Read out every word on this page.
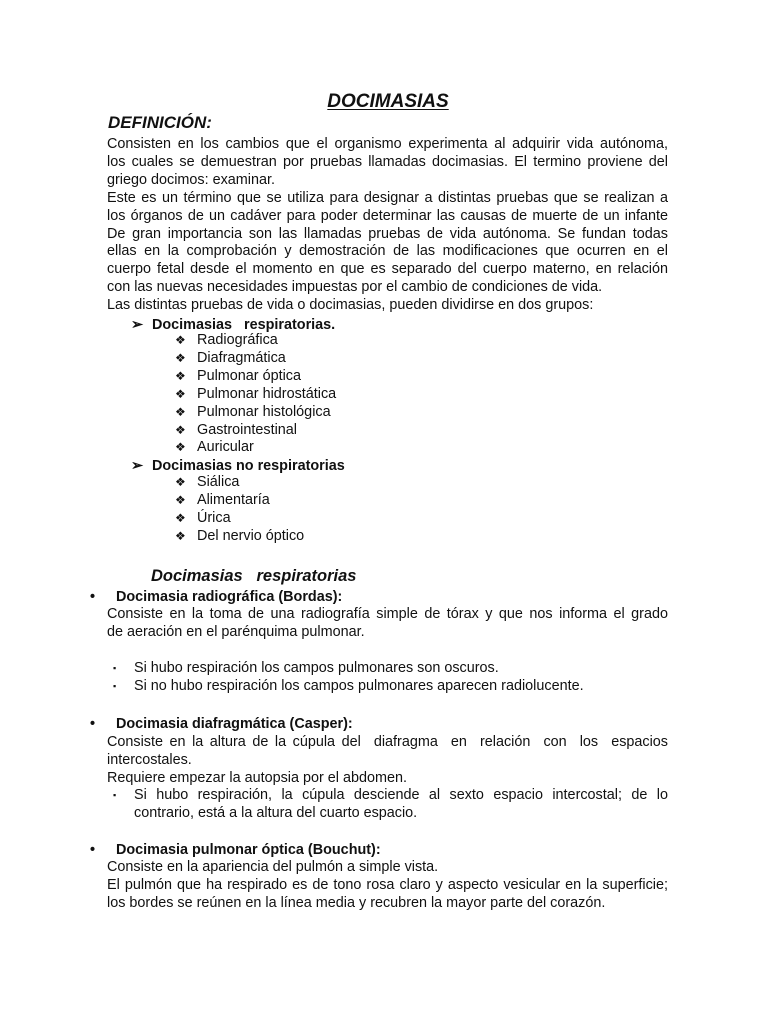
DOCIMASIAS
DEFINICIÓN:
Consisten en los cambios que el organismo experimenta al adquirir vida autónoma,
los cuales se demuestran por pruebas llamadas docimasias. El termino proviene del
griego docimos: examinar.
Este es un término que se utiliza para designar a distintas pruebas que se realizan a
los órganos de un cadáver para poder determinar las causas de muerte de un infante
De gran importancia son las llamadas pruebas de vida autónoma. Se fundan todas
ellas en la comprobación y demostración de las modificaciones que ocurren en el
cuerpo fetal desde el momento en que es separado del cuerpo materno, en relación
con las nuevas necesidades impuestas por el cambio de condiciones de vida.
Las distintas pruebas de vida o docimasias, pueden dividirse en dos grupos:
➢ Docimasias   respiratorias.
❖ Radiográfica
❖ Diafragmática
❖ Pulmonar óptica
❖ Pulmonar hidrostática
❖ Pulmonar histológica
❖ Gastrointestinal
❖ Auricular
➢ Docimasias no respiratorias
❖ Siálica
❖ Alimentaría
❖ Úrica
❖ Del nervio óptico
Docimasias   respiratorias
• Docimasia radiográfica (Bordas):
Consiste en la toma de una radiografía simple de tórax y que nos informa el grado
de aeración en el parénquima pulmonar.
▪ Si hubo respiración los campos pulmonares son oscuros.
▪ Si no hubo respiración los campos pulmonares aparecen radiolucente.
• Docimasia diafragmática (Casper):
Consiste en la altura de la cúpula del  diafragma  en  relación  con  los  espacios
intercostales.
Requiere empezar la autopsia por el abdomen.
▪ Si hubo respiración, la cúpula desciende al sexto espacio intercostal; de lo
contrario, está a la altura del cuarto espacio.
• Docimasia pulmonar óptica (Bouchut):
Consiste en la apariencia del pulmón a simple vista.
El pulmón que ha respirado es de tono rosa claro y aspecto vesicular en la superficie;
los bordes se reúnen en la línea media y recubren la mayor parte del corazón.
